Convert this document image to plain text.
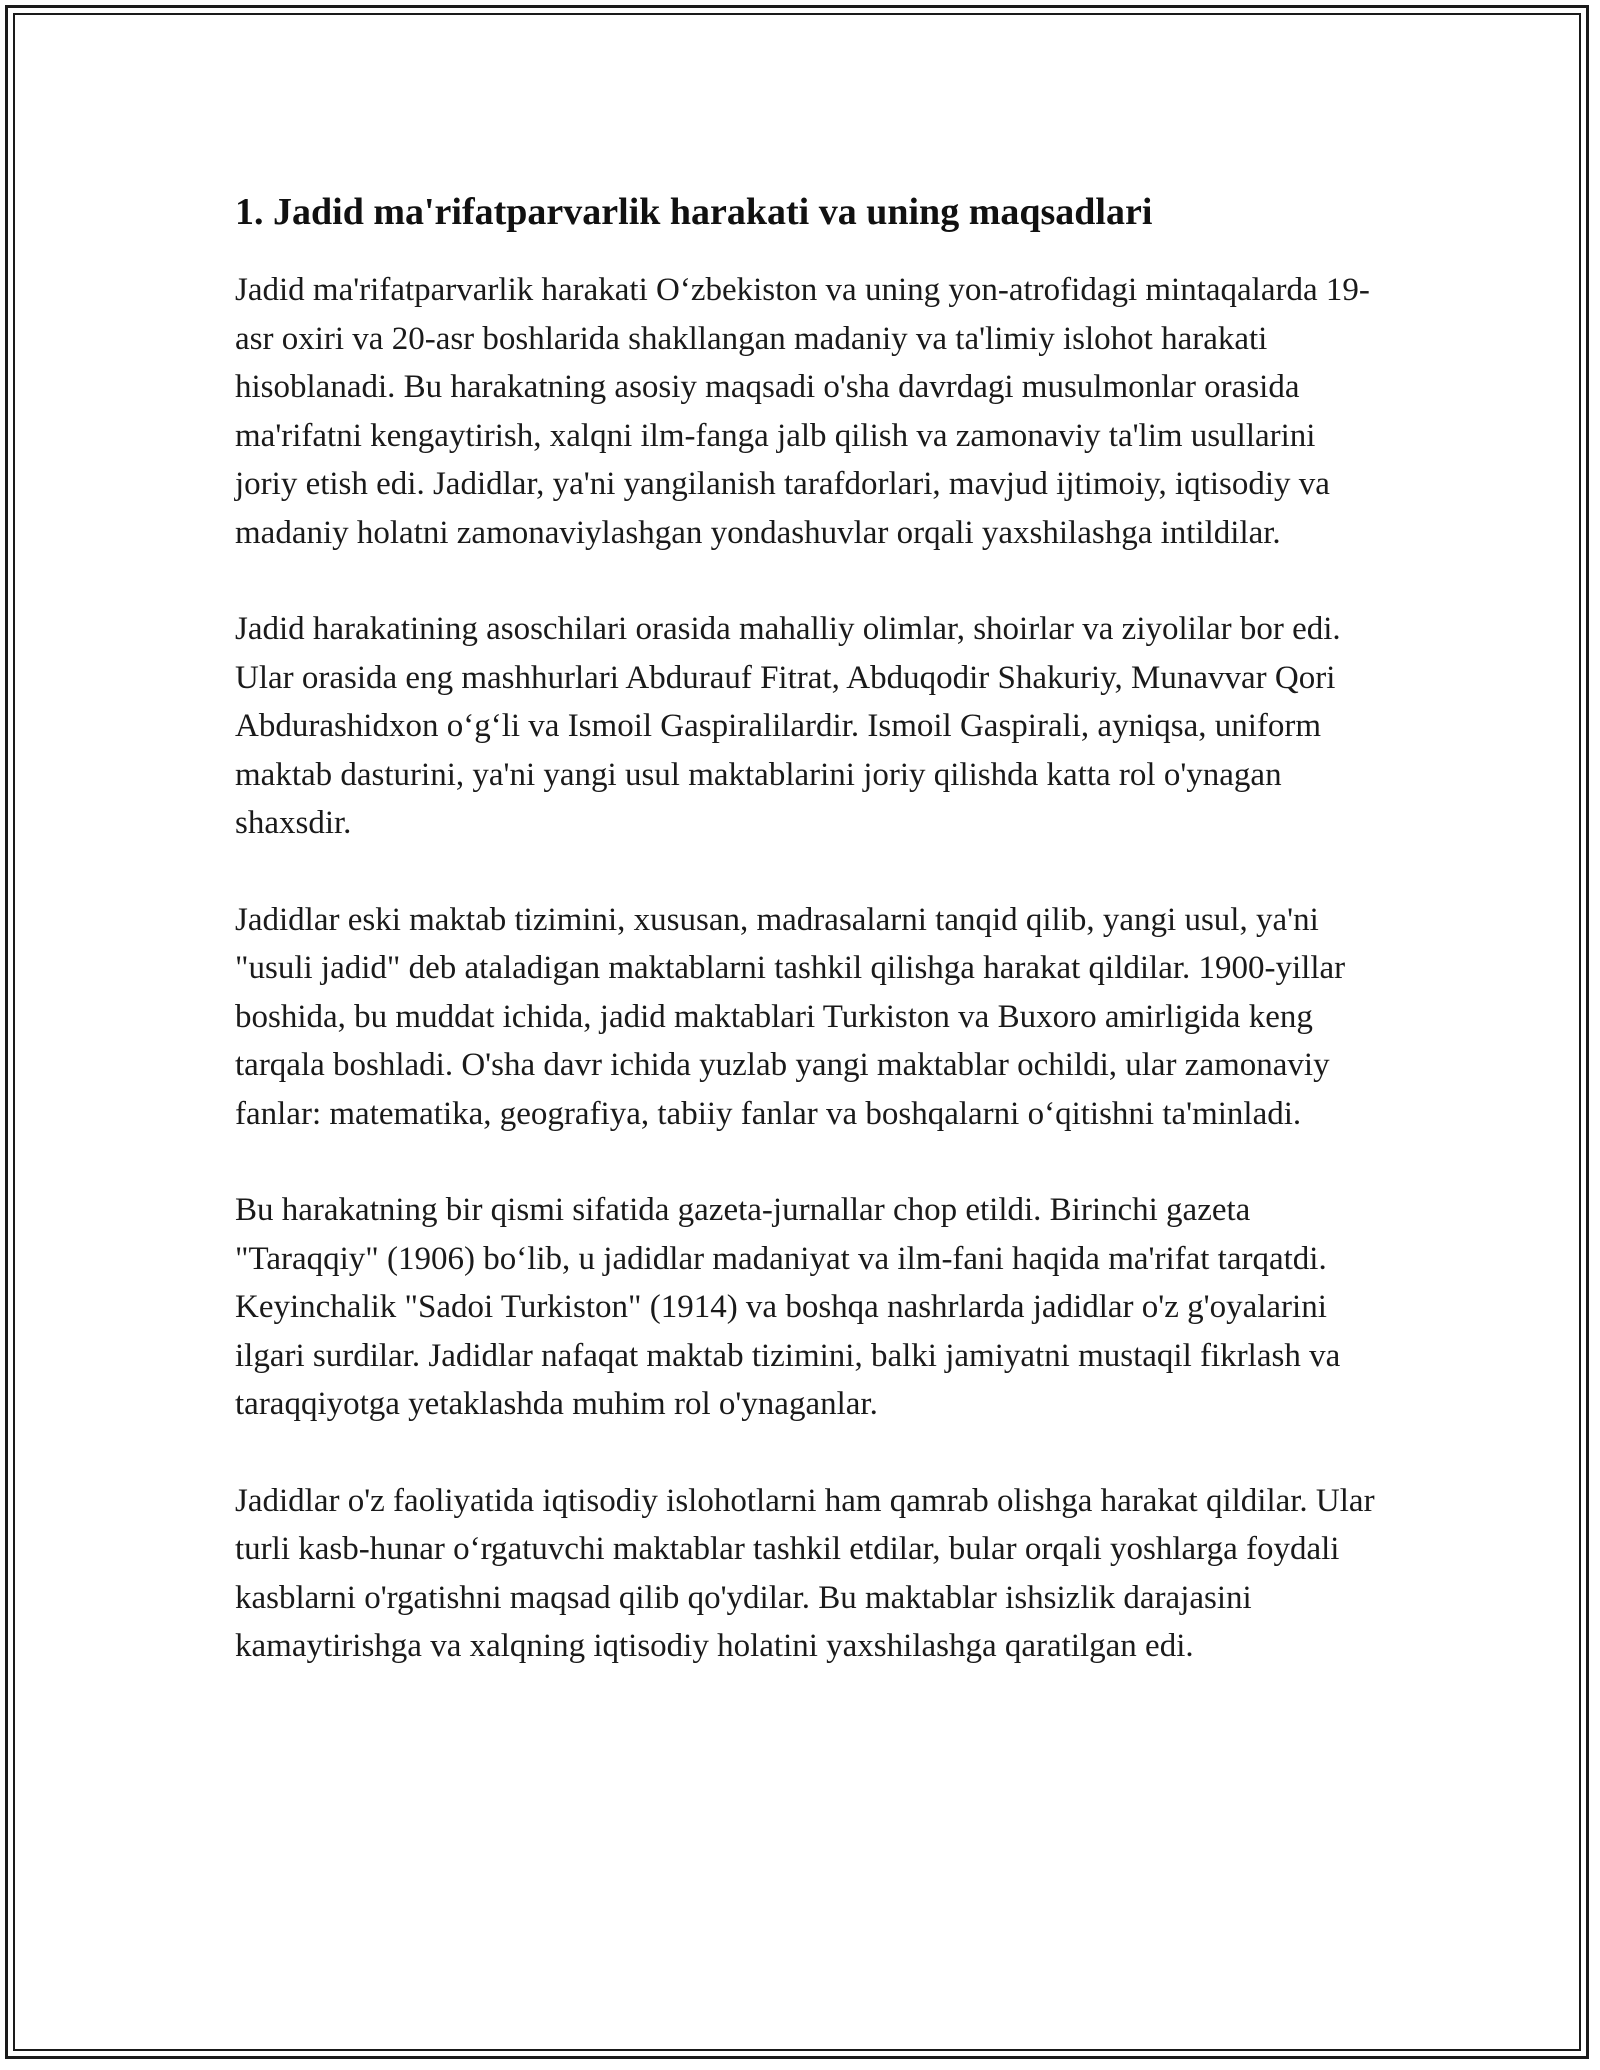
1. Jadid ma'rifatparvarlik harakati va uning maqsadlari

Jadid ma'rifatparvarlik harakati O‘zbekiston va uning yon-atrofidagi mintaqalarda 19-asr oxiri va 20-asr boshlarida shakllangan madaniy va ta'limiy islohot harakati hisoblanadi. Bu harakatning asosiy maqsadi o'sha davrdagi musulmonlar orasida ma'rifatni kengaytirish, xalqni ilm-fanga jalb qilish va zamonaviy ta'lim usullarini joriy etish edi. Jadidlar, ya'ni yangilanish tarafdorlari, mavjud ijtimoiy, iqtisodiy va madaniy holatni zamonaviylashgan yondashuvlar orqali yaxshilashga intildilar.

Jadid harakatining asoschilari orasida mahalliy olimlar, shoirlar va ziyolilar bor edi. Ular orasida eng mashhurlari Abdurauf Fitrat, Abduqodir Shakuriy, Munavvar Qori Abdurashidxon o‘g‘li va Ismoil Gaspiralilardir. Ismoil Gaspirali, ayniqsa, uniform maktab dasturini, ya'ni yangi usul maktablarini joriy qilishda katta rol o'ynagan shaxsdir.

Jadidlar eski maktab tizimini, xususan, madrasalarni tanqid qilib, yangi usul, ya'ni "usuli jadid" deb ataladigan maktablarni tashkil qilishga harakat qildilar. 1900-yillar boshida, bu muddat ichida, jadid maktablari Turkiston va Buxoro amirligida keng tarqala boshladi. O'sha davr ichida yuzlab yangi maktablar ochildi, ular zamonaviy fanlar: matematika, geografiya, tabiiy fanlar va boshqalarni o‘qitishni ta'minladi.

Bu harakatning bir qismi sifatida gazeta-jurnallar chop etildi. Birinchi gazeta "Taraqqiy" (1906) bo‘lib, u jadidlar madaniyat va ilm-fani haqida ma'rifat tarqatdi. Keyinchalik "Sadoi Turkiston" (1914) va boshqa nashrlarda jadidlar o'z g'oyalarini ilgari surdilar. Jadidlar nafaqat maktab tizimini, balki jamiyatni mustaqil fikrlash va taraqqiyotga yetaklashda muhim rol o'ynaganlar.

Jadidlar o'z faoliyatida iqtisodiy islohotlarni ham qamrab olishga harakat qildilar. Ular turli kasb-hunar o‘rgatuvchi maktablar tashkil etdilar, bular orqali yoshlarga foydali kasblarni o'rgatishni maqsad qilib qo'ydilar. Bu maktablar ishsizlik darajasini kamaytirishga va xalqning iqtisodiy holatini yaxshilashga qaratilgan edi.
